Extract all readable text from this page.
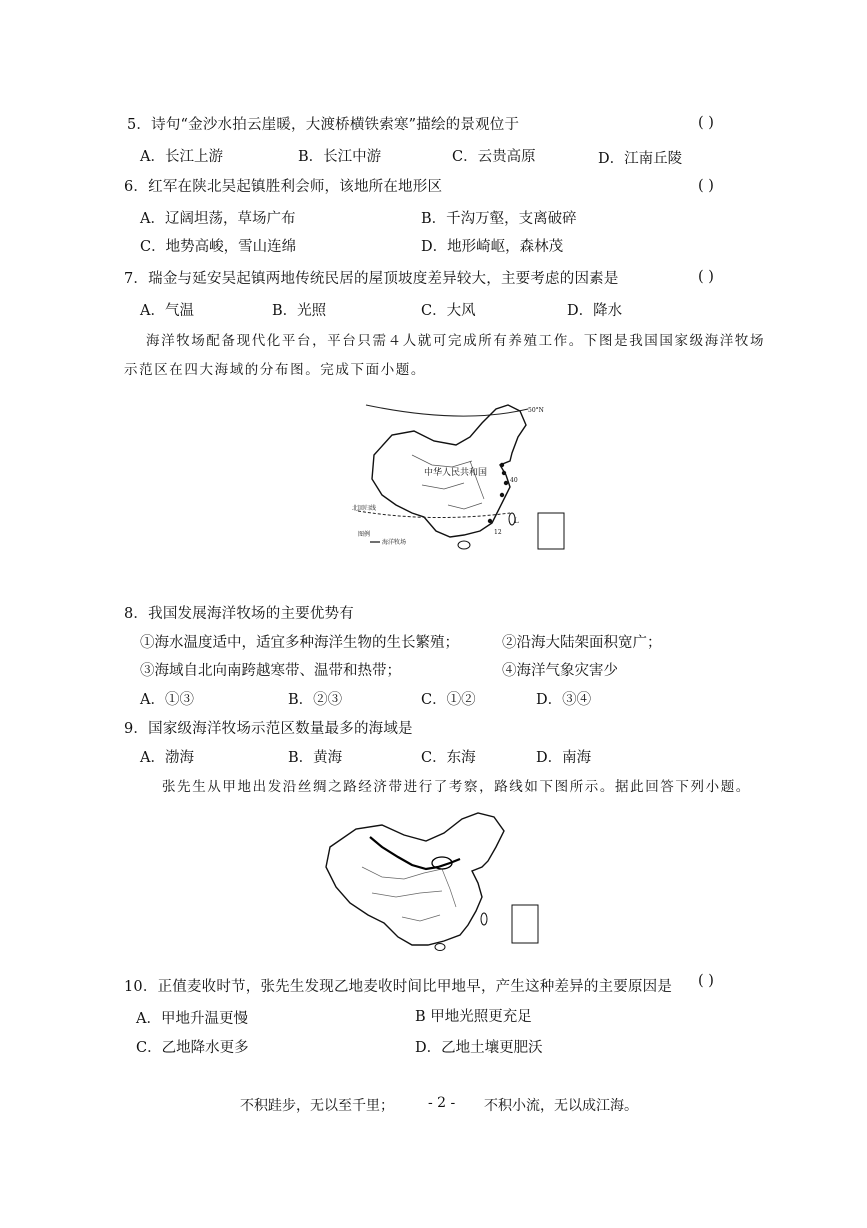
5．诗句“金沙水拍云崖暖，大渡桥横铁索寒”描绘的景观位于	( )
A．长江上游	B．长江中游	C．云贵高原	D．江南丘陵
6．红军在陕北吴起镇胜利会师，该地所在地形区	( )
A．辽阔坦荡，草场广布	B．千沟万壑，支离破碎
C．地势高峻，雪山连绵	D．地形崎岖，森林茂
7．瑞金与延安吴起镇两地传统民居的屋顶坡度差异较大，主要考虑的因素是	( )
A．气温	B．光照	C．大风	D．降水
海洋牧场配备现代化平台，平台只需４人就可完成所有养殖工作。下图是我国国家级海洋牧场
示范区在四大海域的分布图。完成下面小题。
50°N
中华人民共和国
北回归线
图例
海洋牧场
40
L
12
8．我国发展海洋牧场的主要优势有
①海水温度适中，适宜多种海洋生物的生长繁殖；	②沿海大陆架面积宽广；
③海域自北向南跨越寒带、温带和热带；	④海洋气象灾害少
A．①③	B．②③	C．①②	D．③④
9．国家级海洋牧场示范区数量最多的海域是
A．渤海	B．黄海	C．东海	D．南海
张先生从甲地出发沿丝绸之路经济带进行了考察，路线如下图所示。据此回答下列小题。
10．正值麦收时节，张先生发现乙地麦收时间比甲地早，产生这种差异的主要原因是 ( )
A．甲地升温更慢	B 甲地光照更充足
C．乙地降水更多	D．乙地土壤更肥沃
不积跬步，无以至千里； - 2 - 不积小流，无以成江海。
